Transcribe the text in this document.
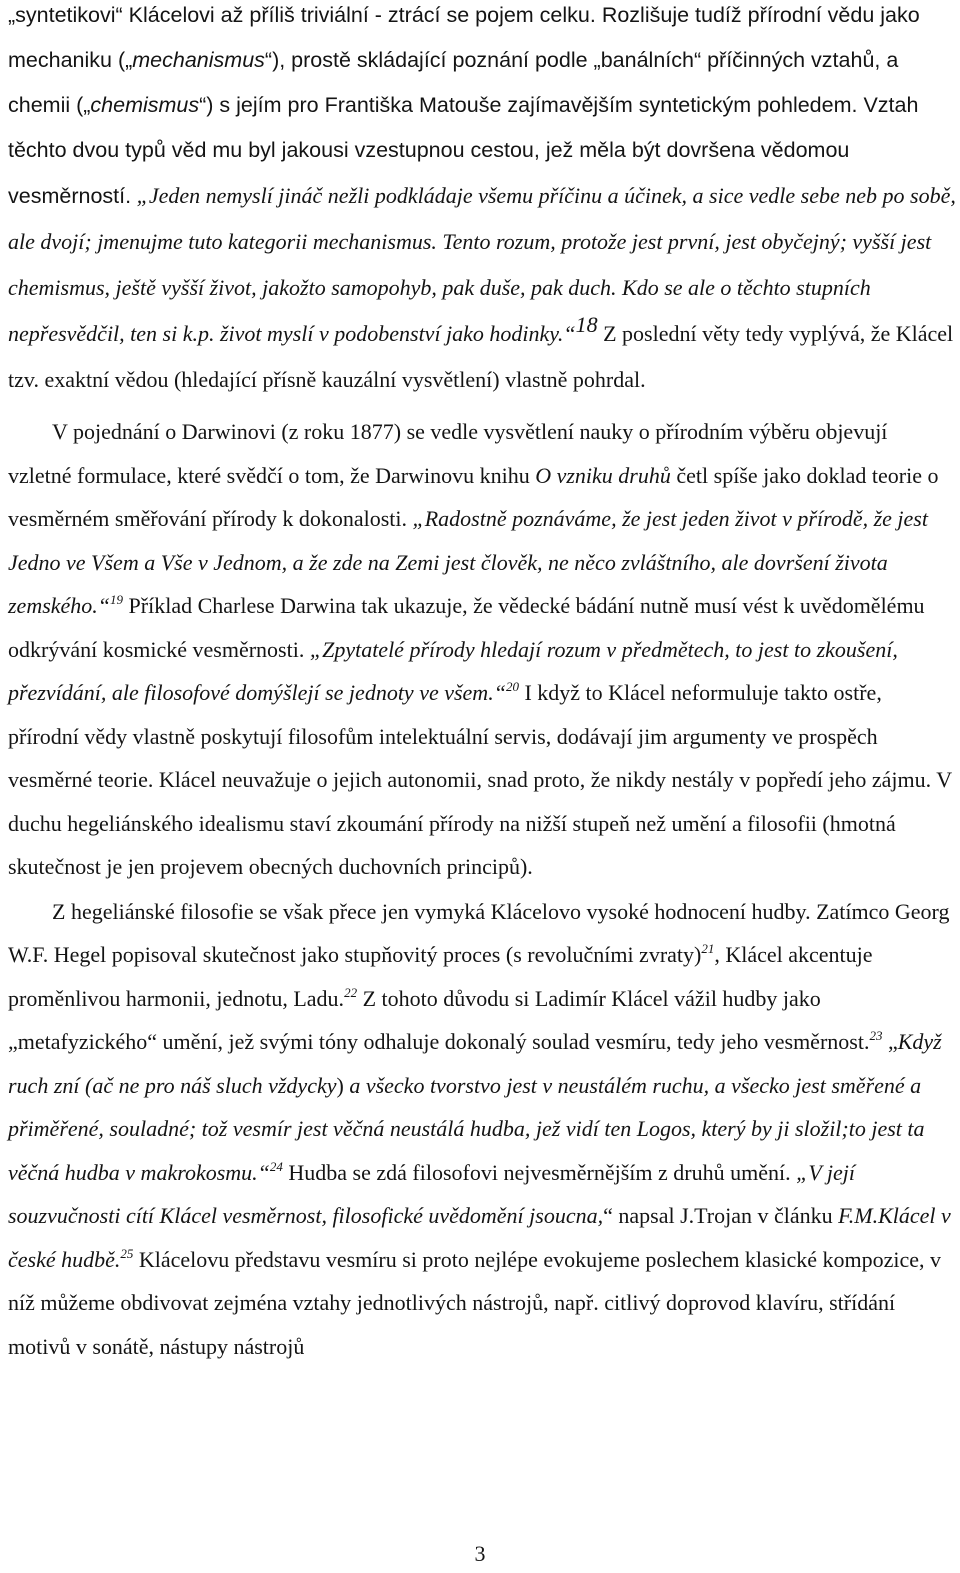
„syntetikovi“ Klácelovi až příliš triviální - ztrácí se pojem celku. Rozlišuje tudíž přírodní vědu jako mechaniku („mechanismus“), prostě skládající poznání podle „banálních“ příčinných vztahů, a chemii („chemismus“) s jejím pro Františka Matouše zajímavějším syntetickým pohledem. Vztah těchto dvou typů věd mu byl jakousi vzestupnou cestou, jež měla být dovršena vědomou vesměrností. „Jeden nemyslí jináč nežli podkládaje všemu příčinu a účinek, a sice vedle sebe neb po sobě, ale dvojí; jmenujme tuto kategorii mechanismus. Tento rozum, protože jest první, jest obyčejný; vyšší jest chemismus, ještě vyšší život, jakožto samopohyb, pak duše, pak duch. Kdo se ale o těchto stupních nepřesvědčil, ten si k.p. život myslí v podobenství jako hodinky.“$^{18}$ Z poslední věty tedy vyplývá, že Klácel tzv. exaktní vědou (hledající přísně kauzální vysvětlení) vlastně pohrdal.

V pojednání o Darwinovi (z roku 1877) se vedle vysvětlení nauky o přírodním výběru objevují vzletné formulace, které svědčí o tom, že Darwinovu knihu O vzniku druhů četl spíše jako doklad teorie o vesměrném směřování přírody k dokonalosti. „Radostně poznáváme, že jest jeden život v přírodě, že jest Jedno ve Všem a Vše v Jednom, a že zde na Zemi jest člověk, ne něco zvláštního, ale dovršení života zemského.“$^{19}$ Příklad Charlese Darwina tak ukazuje, že vědecké bádání nutně musí vést k uvědomělému odkrývání kosmické vesměrnosti. „Zpytatelé přírody hledají rozum v předmětech, to jest to zkoušení, přezvídání, ale filosofové domýšlejí se jednoty ve všem.“$^{20}$ I když to Klácel neformuluje takto ostře, přírodní vědy vlastně poskytují filosofům intelektuální servis, dodávají jim argumenty ve prospěch vesměrné teorie. Klácel neuvažuje o jejich autonomii, snad proto, že nikdy nestály v popředí jeho zájmu. V duchu hegeliánského idealismu staví zkoumání přírody na nižší stupeň než umění a filosofii (hmotná skutečnost je jen projevem obecných duchovních principů).

Z hegeliánské filosofie se však přece jen vymyká Klácelovo vysoké hodnocení hudby. Zatímco Georg W.F. Hegel popisoval skutečnost jako stupňovitý proces (s revolučními zvraty)$^{21}$, Klácel akcentuje proměnlivou harmonii, jednotu, Ladu.$^{22}$ Z tohoto důvodu si Ladimír Klácel vážil hudby jako „metafyzického“ umění, jež svými tóny odhaluje dokonalý soulad vesmíru, tedy jeho vesměrnost.$^{23}$ „Když ruch zní (ač ne pro náš sluch vždycky) a všecko tvorstvo jest v neustálém ruchu, a všecko jest směřené a přiměřené, souladné; tož vesmír jest věčná neustálá hudba, jež vidí ten Logos, který by ji složil;to jest ta věčná hudba v makrokosmu.“$^{24}$ Hudba se zdá filosofovi nejvesměrnějším z druhů umění. „V její souzvučnosti cítí Klácel vesměrnost, filosofické uvědomění jsoucna,“ napsal J.Trojan v článku F.M.Klácel v české hudbě.$^{25}$ Klácelovu představu vesmíru si proto nejlépe evokujeme poslechem klasické kompozice, v níž můžeme obdivovat zejména vztahy jednotlivých nástrojů, např. citlivý doprovod klavíru, střídání motivů v sonátě, nástupy nástrojů

3
